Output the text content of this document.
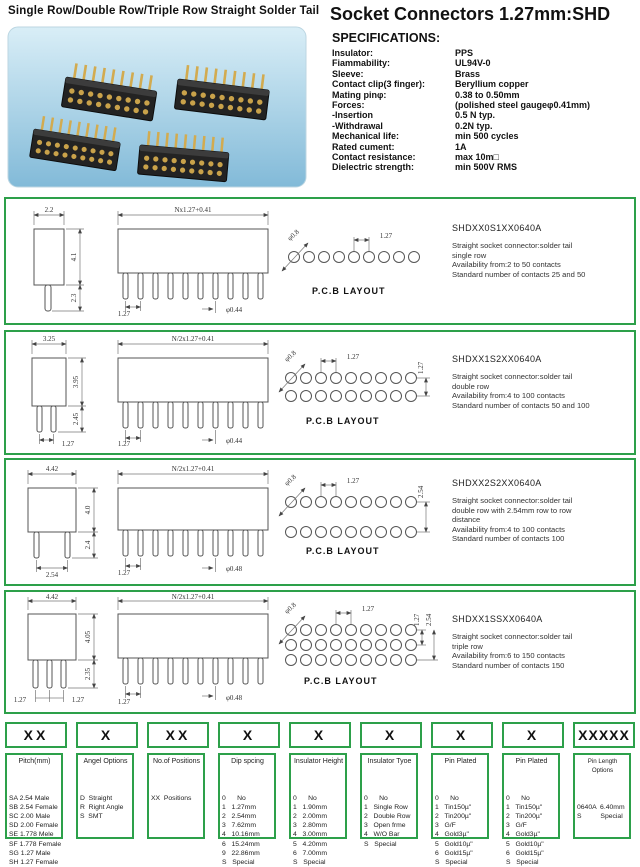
Single Row/Double Row/Triple Row Straight Solder Tail Socket Connectors 1.27mm:SHD
SPECIFICATIONS:
Insulator:	PPS
Fiammability:	UL94V-0
Sleeve:	Brass
Contact clip(3 finger):	Beryllium copper
Mating pinφ:	0.38 to 0.50mm
Forces:	(polished steel gaugeφ0.41mm)
-Insertion	0.5 N typ.
-Withdrawal	0.2N typ.
Mechanical life:	min 500 cycles
Rated cument:	1A
Contact resistance:	max 10m□
Dielectric strength:	min 500V RMS
2.2
4.1
2.3
Nx1.27+0.41
1.27	φ0.44
φ0.8	1.27
P.C.B LAYOUT
SHDXX0S1XX0640A
Straight socket connector:solder tail
single row
Availability from:2 to 50 contacts
Standard number of contacts 25 and 50
3.25
3.95
2.45
1.27
N/2x1.27+0.41
1.27	φ0.44
φ0.8	1.27
1.27
P.C.B LAYOUT
SHDXX1S2XX0640A
Straight socket connector:solder tail
double row
Availability from:4 to 100 contacts
Standard number of contacts 50 and 100
4.42
4.0
2.4
2.54
N/2x1.27+0.41
1.27	φ0.48
φ0.8	1.27
2.54
P.C.B LAYOUT
SHDXX2S2XX0640A
Straight socket connector:solder tail
double row with 2.54mm row to row
distance
Availability from:4 to 100 contacts
Standard number of contacts 100
4.42
4.05
2.35
1.27	1.27
N/2x1.27+0.41
1.27	φ0.48
φ0.8	1.27
1.27 2.54
P.C.B LAYOUT
SHDXX1SSXX0640A
Straight socket connector:solder tail
triple row
Availability from:6 to 150 contacts
Standard number of contacts 150
XX	X	XX	X	X	X	X	X	XXXXX
Pitch(mm)

SA 2.54 Male
SB 2.54 Female
SC 2.00 Male
SD 2.00 Female
SE 1.778 Mele
SF 1.778 Female
SG 1.27 Male
SH 1.27 Female
Angel Options

D  Straight
R  Right Angle
S  SMT
No.of Positions

XX  Positions
Dip spcing

0      No
1   1.27mm
2   2.54mm
3   7.62mm
4   10.16mm
6   15.24mm
9   22.86mm
S   Special
Insulator Height

0      No
1   1.90mm
2   2.00mm
3   2.80mm
4   3.00mm
5   4.20mm
6   7.00mm
S   Special
Insulator Tyoe

0      No
1   Single Row
2   Double Row
3   Open frme
4   W/O Bar
S   Special
Pin Plated

0      No
1   Tin150µ"
2   Tin200µ"
3   G/F
4   Gold3µ"
5   Gold10µ"
6   Gold15µ"
S   Special
Pin Plated

0      No
1   Tin150µ"
2   Tin200µ"
3   G/F
4   Gold3µ"
5   Gold10µ"
6   Gold15µ"
S   Special
Pin Length Options

0640A  6.40mm
S          Special
